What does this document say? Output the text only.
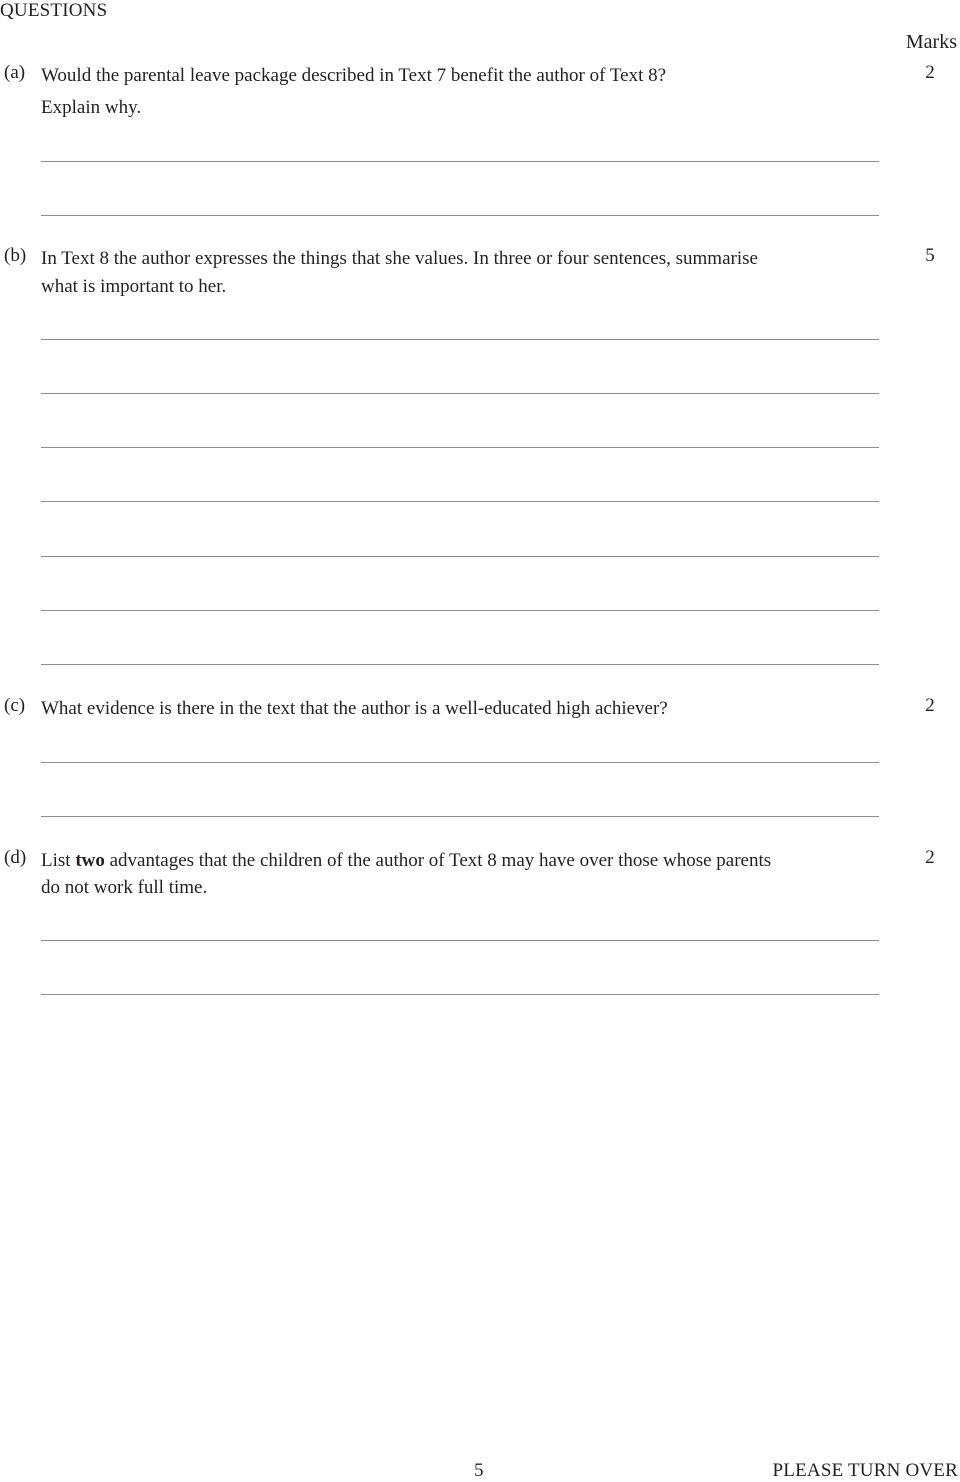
QUESTIONS
Marks
(a) Would the parental leave package described in Text 7 benefit the author of Text 8?
Explain why.
2
(b) In Text 8 the author expresses the things that she values. In three or four sentences, summarise
what is important to her.
5
(c) What evidence is there in the text that the author is a well-educated high achiever?	2
(d) List two advantages that the children of the author of Text 8 may have over those whose parents
do not work full time.
2
5	PLEASE TURN OVER
